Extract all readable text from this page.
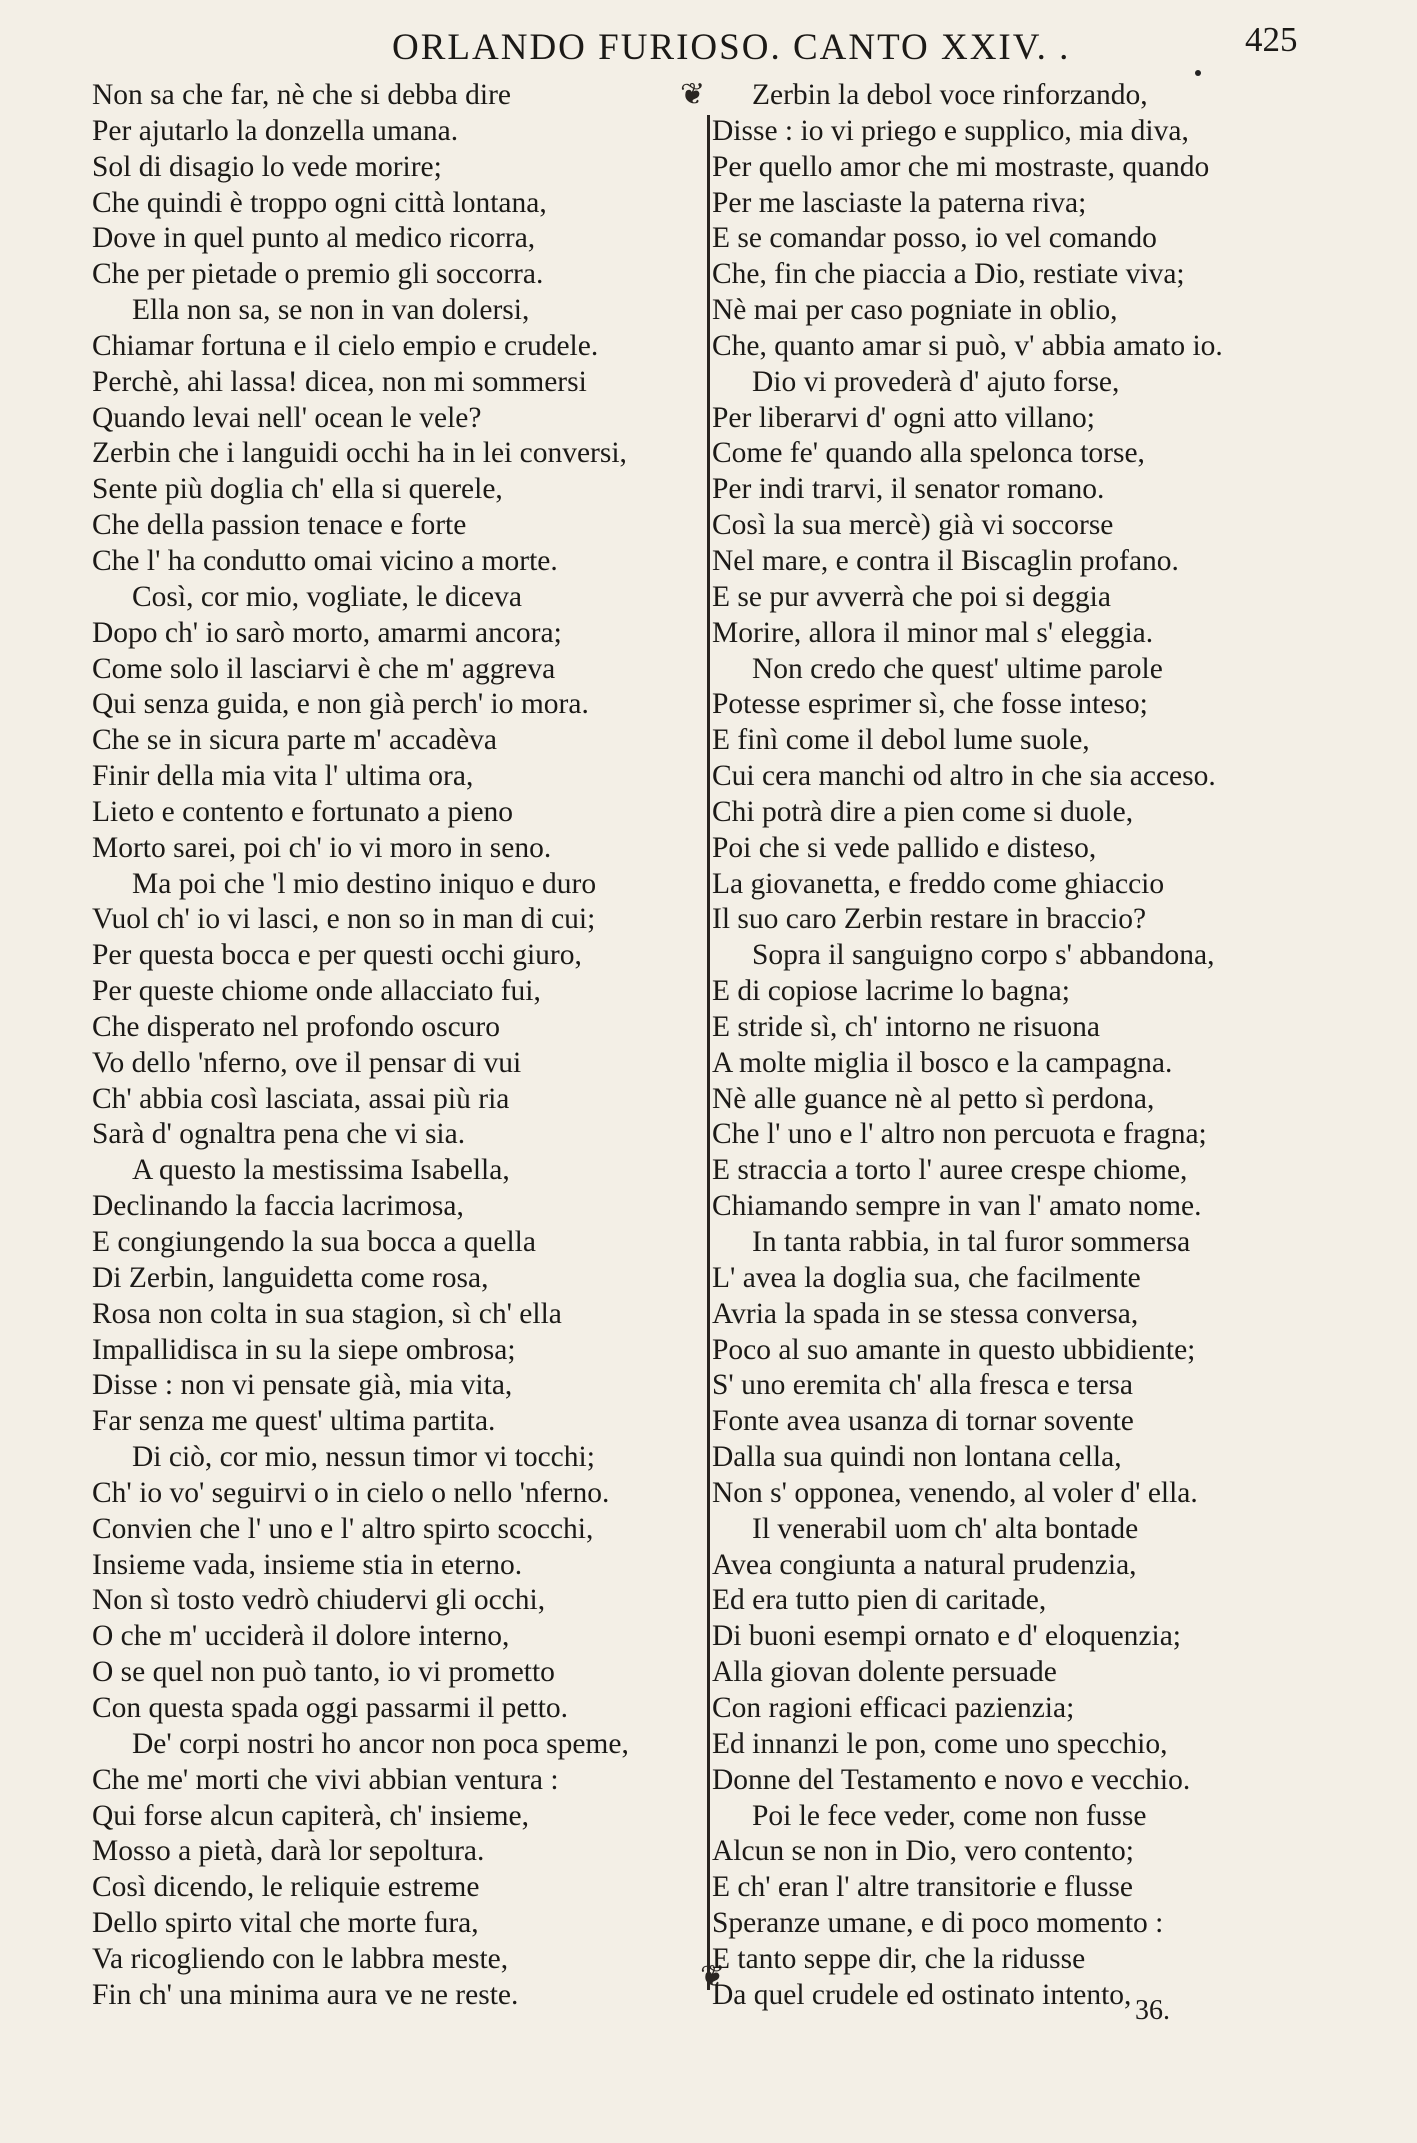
ORLANDO FURIOSO. CANTO XXIV. .	425
Non sa che far, nè che si debba dire
Per ajutarlo la donzella umana.
Sol di disagio lo vede morire;
Che quindi è troppo ogni città lontana,
Dove in quel punto al medico ricorra,
Che per pietade o premio gli soccorra.
Ella non sa, se non in van dolersi,
Chiamar fortuna e il cielo empio e crudele.
Perchè, ahi lassa! dicea, non mi sommersi
Quando levai nell' ocean le vele?
Zerbin che i languidi occhi ha in lei conversi,
Sente più doglia ch' ella si querele,
Che della passion tenace e forte
Che l' ha condutto omai vicino a morte.
Così, cor mio, vogliate, le diceva
Dopo ch' io sarò morto, amarmi ancora;
Come solo il lasciarvi è che m' aggreva
Qui senza guida, e non già perch' io mora.
Che se in sicura parte m' accadèva
Finir della mia vita l' ultima ora,
Lieto e contento e fortunato a pieno
Morto sarei, poi ch' io vi moro in seno.
Ma poi che 'l mio destino iniquo e duro
Vuol ch' io vi lasci, e non so in man di cui;
Per questa bocca e per questi occhi giuro,
Per queste chiome onde allacciato fui,
Che disperato nel profondo oscuro
Vo dello 'nferno, ove il pensar di vui
Ch' abbia così lasciata, assai più ria
Sarà d' ognaltra pena che vi sia.
A questo la mestissima Isabella,
Declinando la faccia lacrimosa,
E congiungendo la sua bocca a quella
Di Zerbin, languidetta come rosa,
Rosa non colta in sua stagion, sì ch' ella
Impallidisca in su la siepe ombrosa;
Disse : non vi pensate già, mia vita,
Far senza me quest' ultima partita.
Di ciò, cor mio, nessun timor vi tocchi;
Ch' io vo' seguirvi o in cielo o nello 'nferno.
Convien che l' uno e l' altro spirto scocchi,
Insieme vada, insieme stia in eterno.
Non sì tosto vedrò chiudervi gli occhi,
O che m' ucciderà il dolore interno,
O se quel non può tanto, io vi prometto
Con questa spada oggi passarmi il petto.
De' corpi nostri ho ancor non poca speme,
Che me' morti che vivi abbian ventura :
Qui forse alcun capiterà, ch' insieme,
Mosso a pietà, darà lor sepoltura.
Così dicendo, le reliquie estreme
Dello spirto vital che morte fura,
Va ricogliendo con le labbra meste,
Fin ch' una minima aura ve ne reste.
❦
❦
Zerbin la debol voce rinforzando,
Disse : io vi priego e supplico, mia diva,
Per quello amor che mi mostraste, quando
Per me lasciaste la paterna riva;
E se comandar posso, io vel comando
Che, fin che piaccia a Dio, restiate viva;
Nè mai per caso pogniate in oblio,
Che, quanto amar si può, v' abbia amato io.
Dio vi provederà d' ajuto forse,
Per liberarvi d' ogni atto villano;
Come fe' quando alla spelonca torse,
Per indi trarvi, il senator romano.
Così la sua mercè) già vi soccorse
Nel mare, e contra il Biscaglin profano.
E se pur avverrà che poi si deggia
Morire, allora il minor mal s' eleggia.
Non credo che quest' ultime parole
Potesse esprimer sì, che fosse inteso;
E finì come il debol lume suole,
Cui cera manchi od altro in che sia acceso.
Chi potrà dire a pien come si duole,
Poi che si vede pallido e disteso,
La giovanetta, e freddo come ghiaccio
Il suo caro Zerbin restare in braccio?
Sopra il sanguigno corpo s' abbandona,
E di copiose lacrime lo bagna;
E stride sì, ch' intorno ne risuona
A molte miglia il bosco e la campagna.
Nè alle guance nè al petto sì perdona,
Che l' uno e l' altro non percuota e fragna;
E straccia a torto l' auree crespe chiome,
Chiamando sempre in van l' amato nome.
In tanta rabbia, in tal furor sommersa
L' avea la doglia sua, che facilmente
Avria la spada in se stessa conversa,
Poco al suo amante in questo ubbidiente;
S' uno eremita ch' alla fresca e tersa
Fonte avea usanza di tornar sovente
Dalla sua quindi non lontana cella,
Non s' opponea, venendo, al voler d' ella.
Il venerabil uom ch' alta bontade
Avea congiunta a natural prudenzia,
Ed era tutto pien di caritade,
Di buoni esempi ornato e d' eloquenzia;
Alla giovan dolente persuade
Con ragioni efficaci pazienzia;
Ed innanzi le pon, come uno specchio,
Donne del Testamento e novo e vecchio.
Poi le fece veder, come non fusse
Alcun se non in Dio, vero contento;
E ch' eran l' altre transitorie e flusse
Speranze umane, e di poco momento :
E tanto seppe dir, che la ridusse
Da quel crudele ed ostinato intento, 36.
